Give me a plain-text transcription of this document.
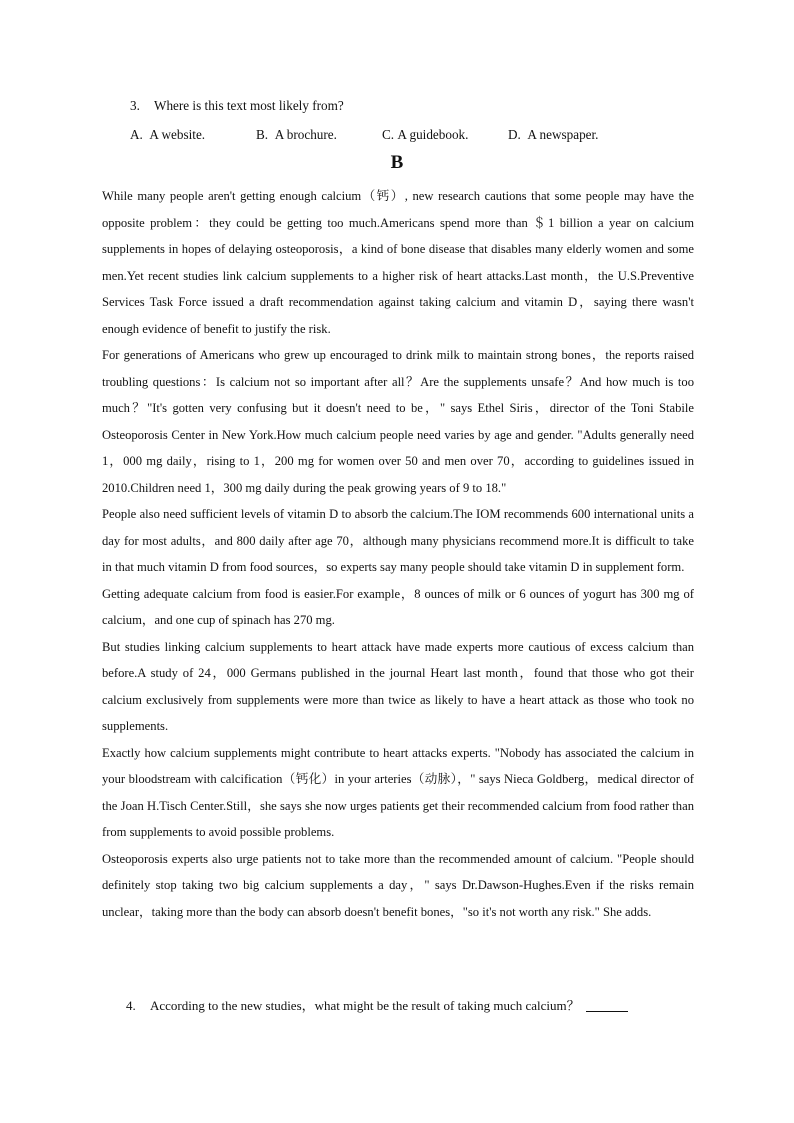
3. Where is this text most likely from?
A. A website.	B. A brochure.	C. A guidebook.	D. A newspaper.
B

While many people aren't getting enough calcium（钙）, new research cautions that some people may have the opposite problem：they could be getting too much.Americans spend more than ＄1 billion a year on calcium supplements in hopes of delaying osteoporosis，a kind of bone disease that disables many elderly women and some men.Yet recent studies link calcium supplements to a higher risk of heart attacks.Last month，the U.S.Preventive Services Task Force issued a draft recommendation against taking calcium and vitamin D，saying there wasn't enough evidence of benefit to justify the risk.

For generations of Americans who grew up encouraged to drink milk to maintain strong bones，the reports raised troubling questions：Is calcium not so important after all？Are the supplements unsafe？And how much is too much？"It's gotten very confusing but it doesn't need to be，" says Ethel Siris，director of the Toni Stabile Osteoporosis Center in New York.How much calcium people need varies by age and gender. "Adults generally need 1，000 mg daily，rising to 1，200 mg for women over 50 and men over 70，according to guidelines issued in 2010.Children need 1，300 mg daily during the peak growing years of 9 to 18."

People also need sufficient levels of vitamin D to absorb the calcium.The IOM recommends 600 international units a day for most adults，and 800 daily after age 70，although many physicians recommend more.It is difficult to take in that much vitamin D from food sources，so experts say many people should take vitamin D in supplement form.

Getting adequate calcium from food is easier.For example，8 ounces of milk or 6 ounces of yogurt has 300 mg of calcium，and one cup of spinach has 270 mg.

But studies linking calcium supplements to heart attack have made experts more cautious of excess calcium than before.A study of 24，000 Germans published in the journal Heart last month，found that those who got their calcium exclusively from supplements were more than twice as likely to have a heart attack as those who took no supplements.

Exactly how calcium supplements might contribute to heart attacks experts. "Nobody has associated the calcium in your bloodstream with calcification（钙化）in your arteries（动脉），" says Nieca Goldberg，medical director of the Joan H.Tisch Center.Still，she says she now urges patients get their recommended calcium from food rather than from supplements to avoid possible problems.

Osteoporosis experts also urge patients not to take more than the recommended amount of calcium. "People should definitely stop taking two big calcium supplements a day，" says Dr.Dawson-Hughes.Even if the risks remain unclear，taking more than the body can absorb doesn't benefit bones，"so it's not worth any risk." She adds.

4. According to the new studies，what might be the result of taking much calcium？
